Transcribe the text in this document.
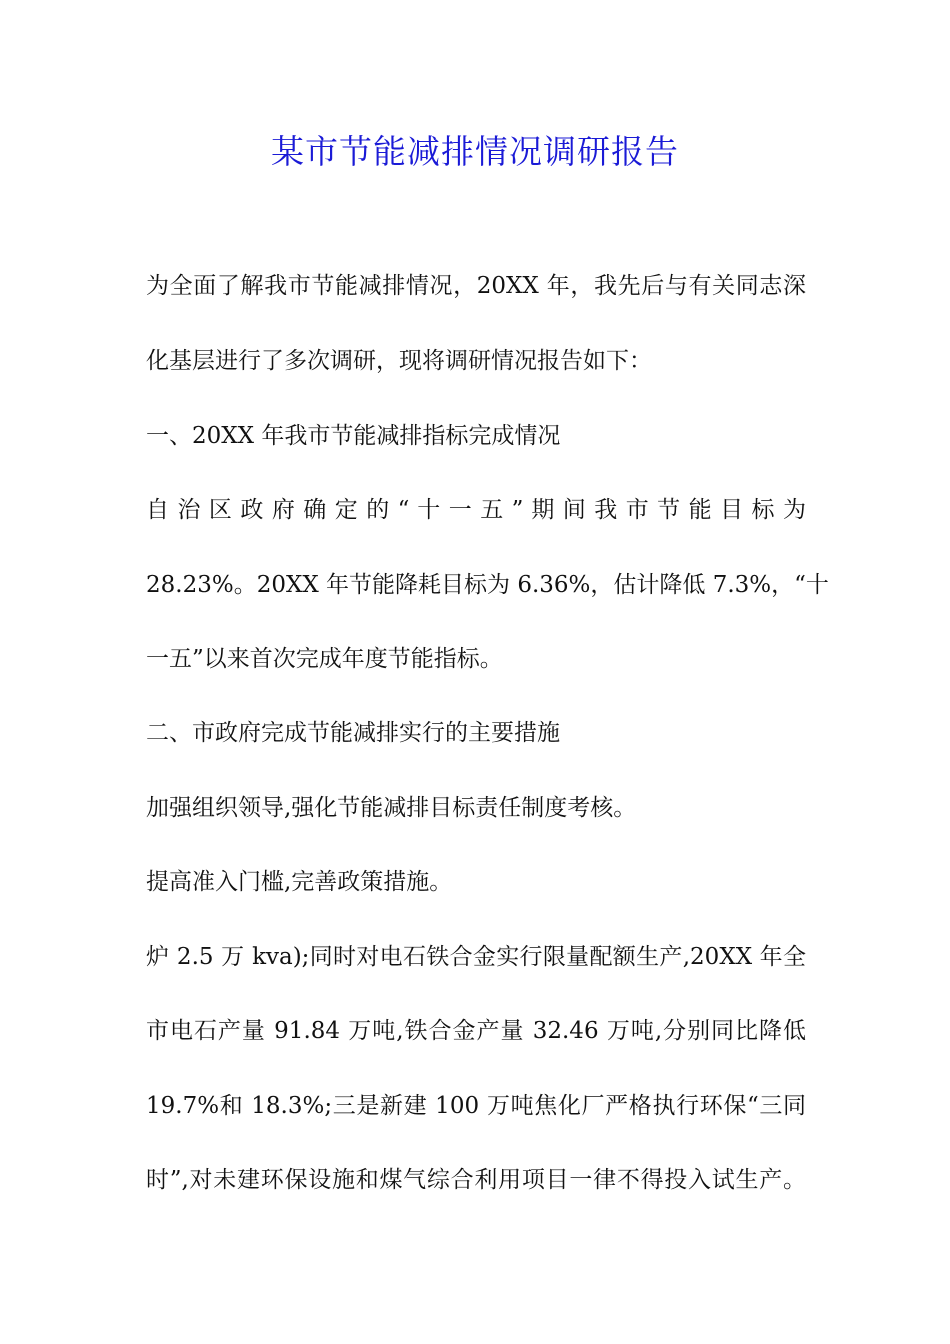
某市节能减排情况调研报告
为全面了解我市节能减排情况，20XX 年，我先后与有关同志深
化基层进行了多次调研，现将调研情况报告如下：
一、20XX 年我市节能减排指标完成情况
自 治 区 政 府 确 定 的 “ 十 一 五 ” 期 间 我 市 节 能 目 标 为
28.23%。20XX 年节能降耗目标为 6.36%，估计降低 7.3%，“十
一五”以来首次完成年度节能指标。
二、市政府完成节能减排实行的主要措施
加强组织领导,强化节能减排目标责任制度考核。
提高准入门槛,完善政策措施。
炉 2.5 万 kva);同时对电石铁合金实行限量配额生产,20XX 年全
市电石产量 91.84 万吨,铁合金产量 32.46 万吨,分别同比降低
19.7%和 18.3%;三是新建 100 万吨焦化厂严格执行环保“三同
时”,对未建环保设施和煤气综合利用项目一律不得投入试生产。
